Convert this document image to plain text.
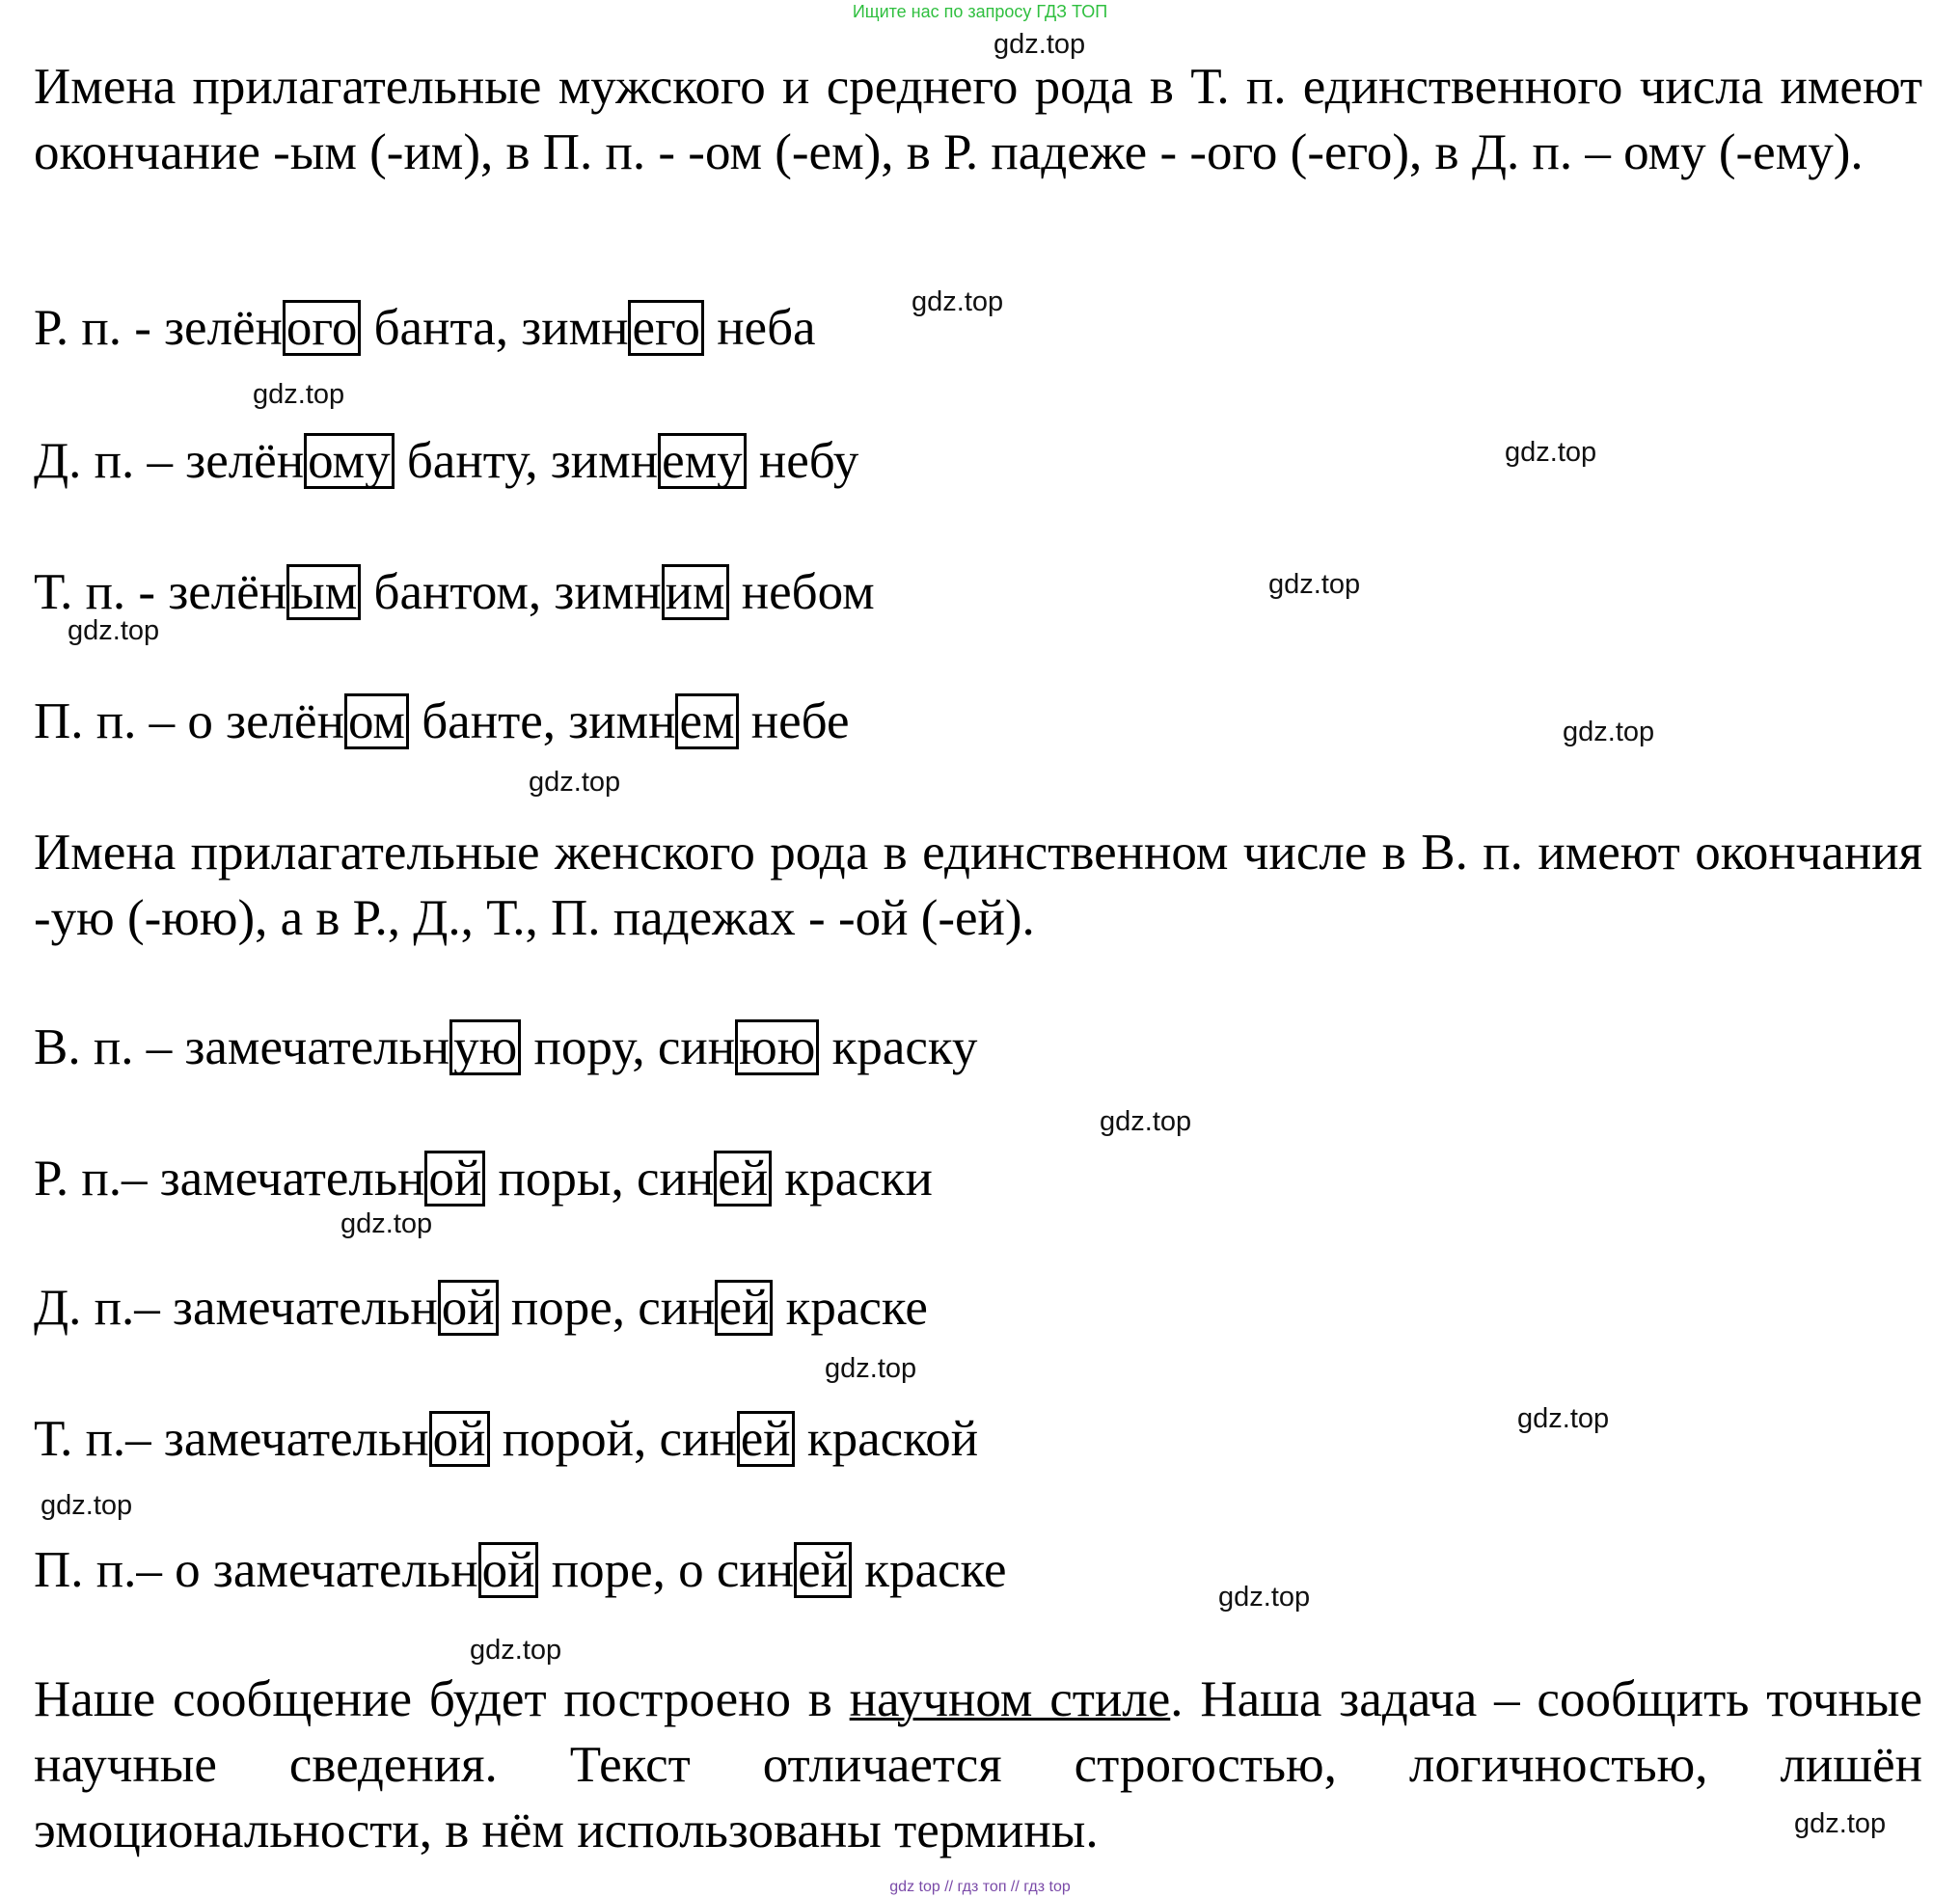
Ищите нас по запросу ГДЗ ТОП
gdz.top
gdz.top
gdz.top
gdz.top
gdz.top
gdz.top
gdz.top
gdz.top
gdz.top
gdz.top
gdz.top
gdz.top
gdz.top
gdz.top
gdz.top
gdz.top
Имена прилагательные мужского и среднего рода в Т. п. единственного числа имеют окончание -ым (-им), в П. п. - -ом (-ем), в Р. падеже - -ого (-его), в Д. п. – ому (-ему).
Р. п. - зелёного банта, зимнего неба
Д. п. – зелёному банту, зимнему небу
Т. п. - зелёным бантом, зимним небом
П. п. – о зелёном банте, зимнем небе
Имена прилагательные женского рода в единственном числе в В. п. имеют окончания -ую (-юю), а в Р., Д., Т., П. падежах - -ой (-ей).
В. п. – замечательную пору, синюю краску
Р. п.– замечательной поры, синей краски
Д. п.– замечательной поре, синей краске
Т. п.– замечательной порой, синей краской
П. п.– о замечательной поре, о синей краске
Наше сообщение будет построено в научном стиле. Наша задача – сообщить точные научные сведения. Текст отличается строгостью, логичностью, лишён эмоциональности, в нём использованы термины.
gdz top // гдз топ // гдз top
